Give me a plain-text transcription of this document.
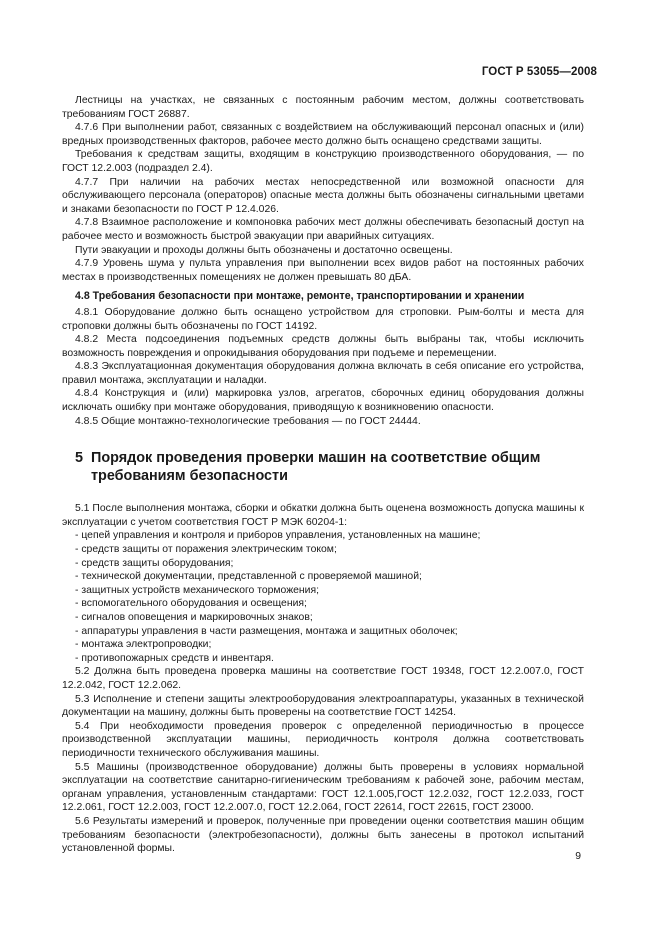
ГОСТ Р 53055—2008

Лестницы на участках, не связанных с постоянным рабочим местом, должны соответствовать требованиям ГОСТ 26887.

4.7.6 При выполнении работ, связанных с воздействием на обслуживающий персонал опасных и (или) вредных производственных факторов, рабочее место должно быть оснащено средствами защиты.

Требования к средствам защиты, входящим в конструкцию производственного оборудования, — по ГОСТ 12.2.003 (подраздел 2.4).

4.7.7 При наличии на рабочих местах непосредственной или возможной опасности для обслуживающего персонала (операторов) опасные места должны быть обозначены сигнальными цветами и знаками безопасности по ГОСТ Р 12.4.026.

4.7.8 Взаимное расположение и компоновка рабочих мест должны обеспечивать безопасный доступ на рабочее место и возможность быстрой эвакуации при аварийных ситуациях.

Пути эвакуации и проходы должны быть обозначены и достаточно освещены.

4.7.9 Уровень шума у пульта управления при выполнении всех видов работ на постоянных рабочих местах в производственных помещениях не должен превышать 80 дБА.

4.8 Требования безопасности при монтаже, ремонте, транспортировании и хранении

4.8.1 Оборудование должно быть оснащено устройством для строповки. Рым-болты и места для строповки должны быть обозначены по ГОСТ 14192.

4.8.2 Места подсоединения подъемных средств должны быть выбраны так, чтобы исключить возможность повреждения и опрокидывания оборудования при подъеме и перемещении.

4.8.3 Эксплуатационная документация оборудования должна включать в себя описание его устройства, правил монтажа, эксплуатации и наладки.

4.8.4 Конструкция и (или) маркировка узлов, агрегатов, сборочных единиц оборудования должны исключать ошибку при монтаже оборудования, приводящую к возникновению опасности.

4.8.5 Общие монтажно-технологические требования — по ГОСТ 24444.

5 Порядок проведения проверки машин на соответствие общим
требованиям безопасности

5.1 После выполнения монтажа, сборки и обкатки должна быть оценена возможность допуска машины к эксплуатации с учетом соответствия ГОСТ Р МЭК 60204-1:

- цепей управления и контроля и приборов управления, установленных на машине;

- средств защиты от поражения электрическим током;

- средств защиты оборудования;

- технической документации, представленной с проверяемой машиной;

- защитных устройств механического торможения;

- вспомогательного оборудования и освещения;

- сигналов оповещения и маркировочных знаков;

- аппаратуры управления в части размещения, монтажа и защитных оболочек;

- монтажа электропроводки;

- противопожарных средств и инвентаря.

5.2 Должна быть проведена проверка машины на соответствие ГОСТ 19348, ГОСТ 12.2.007.0, ГОСТ 12.2.042, ГОСТ 12.2.062.

5.3 Исполнение и степени защиты электрооборудования электроаппаратуры, указанных в технической документации на машину, должны быть проверены на соответствие ГОСТ 14254.

5.4 При необходимости проведения проверок с определенной периодичностью в процессе производственной эксплуатации машины, периодичность контроля должна соответствовать периодичности технического обслуживания машины.

5.5 Машины (производственное оборудование) должны быть проверены в условиях нормальной эксплуатации на соответствие санитарно-гигиеническим требованиям к рабочей зоне, рабочим местам, органам управления, установленным стандартами: ГОСТ 12.1.005,ГОСТ 12.2.032, ГОСТ 12.2.033, ГОСТ 12.2.061, ГОСТ 12.2.003, ГОСТ 12.2.007.0, ГОСТ 12.2.064, ГОСТ 22614, ГОСТ 22615, ГОСТ 23000.

5.6 Результаты измерений и проверок, полученные при проведении оценки соответствия машин общим требованиям безопасности (электробезопасности), должны быть занесены в протокол испытаний установленной формы.

9
